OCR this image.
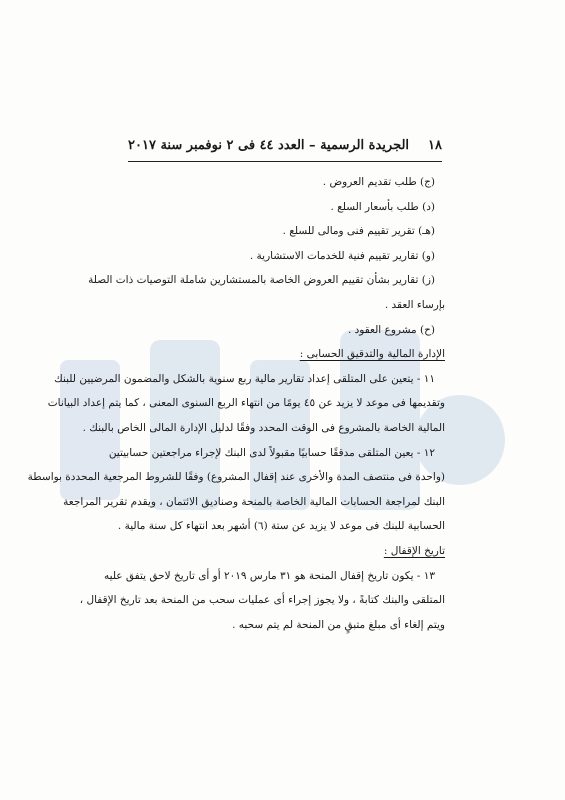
١٨
الجريدة الرسمية – العدد ٤٤ فى ٢ نوفمبر سنة ٢٠١٧
(ج) طلب تقديم العروض .
(د) طلب بأسعار السلع .
(هـ) تقرير تقييم فنى ومالى للسلع .
(و) تقارير تقييم فنية للخدمات الاستشارية .
(ز) تقارير بشأن تقييم العروض الخاصة بالمستشارين شاملة التوصيات ذات الصلة
بإرساء العقد .
(ح) مشروع العقود .
الإدارة المالية والتدقيق الحسابى :
١١ - يتعين على المتلقى إعداد تقارير مالية ربع سنوية بالشكل والمضمون المرضيين للبنك
وتقديمها فى موعد لا يزيد عن ٤٥ يومًا من انتهاء الربع السنوى المعنى ، كما يتم إعداد البيانات
المالية الخاصة بالمشروع فى الوقت المحدد وفقًا لدليل الإدارة المالى الخاص بالبنك .
١٢ - يعين المتلقى مدققًا حسابيًا مقبولاً لدى البنك لإجراء مراجعتين حسابيتين
(واحدة فى منتصف المدة والأخرى عند إقفال المشروع) وفقًا للشروط المرجعية المحددة بواسطة
البنك لمراجعة الحسابات المالية الخاصة بالمنحة وصناديق الائتمان ، ويقدم تقرير المراجعة
الحسابية للبنك فى موعد لا يزيد عن ستة (٦) أشهر بعد انتهاء كل سنة مالية .
تاريخ الإقفال :
١٣ - يكون تاريخ إقفال المنحة هو ٣١ مارس ٢٠١٩ أو أى تاريخ لاحق يتفق عليه
المتلقى والبنك كتابةً ، ولا يجوز إجراء أى عمليات سحب من المنحة بعد تاريخ الإقفال ،
ويتم إلغاء أى مبلغ متبقٍ من المنحة لم يتم سحبه .
